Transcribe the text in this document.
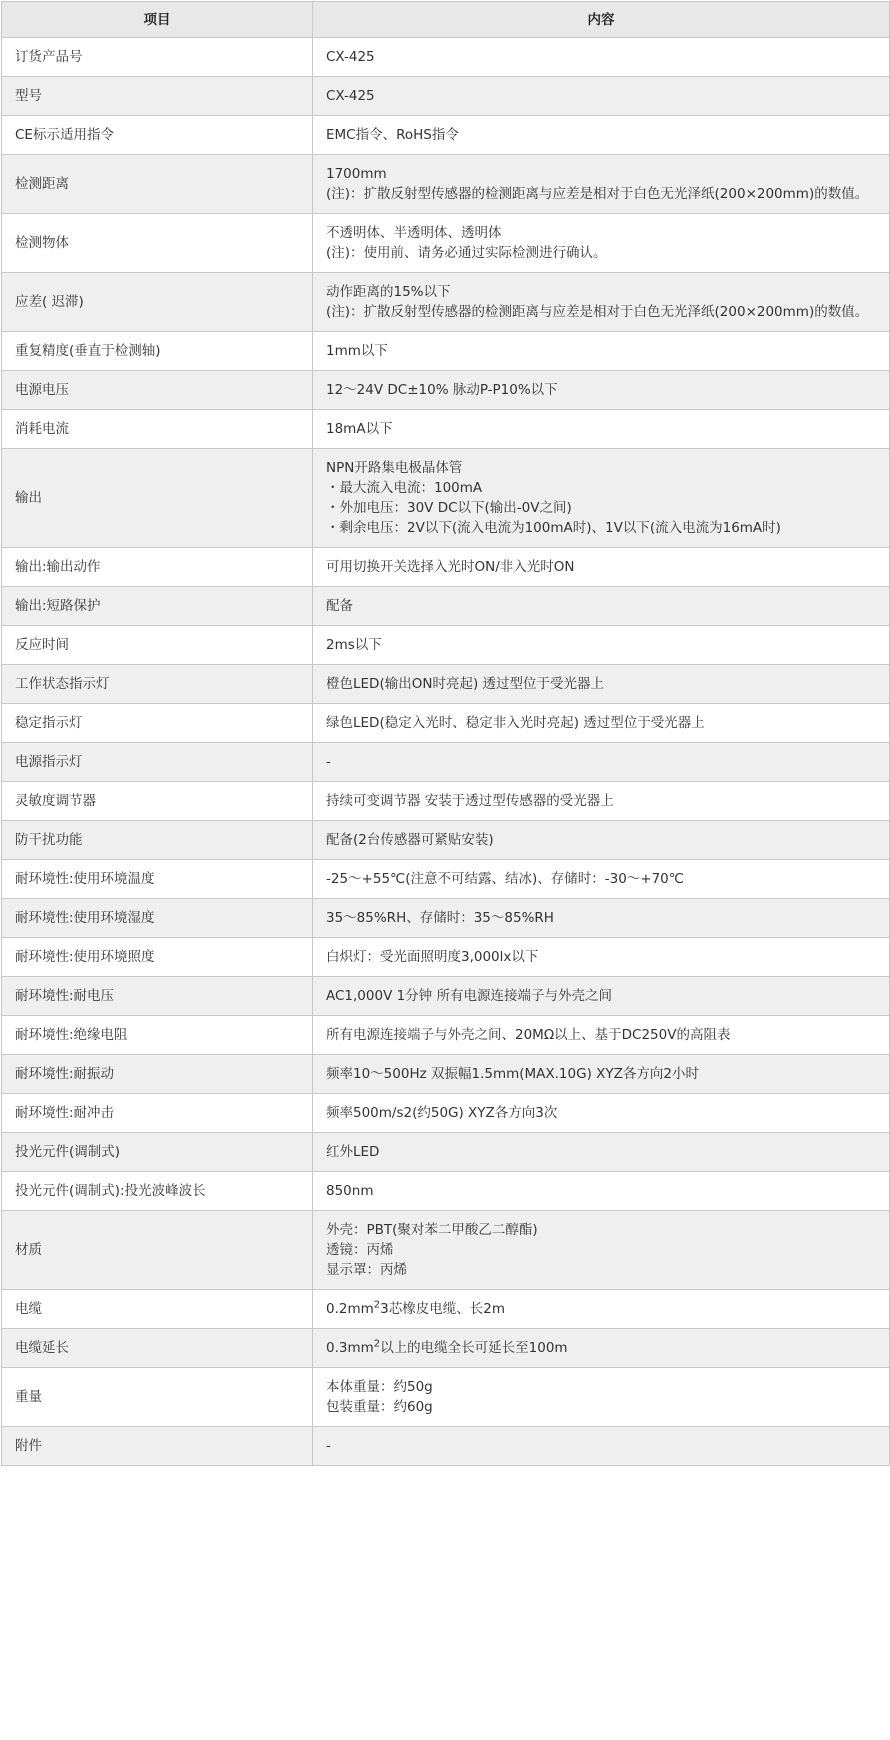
项目	内容
订货产品号	CX-425

型号	CX-425

CE标示适用指令	EMC指令、RoHS指令

检测距离	1700mm
(注)：扩散反射型传感器的检测距离与应差是相对于白色无光泽纸(200×200mm)的数值。

检测物体	不透明体、半透明体、透明体
(注)：使用前、请务必通过实际检测进行确认。

应差( 迟滞)	动作距离的15%以下
(注)：扩散反射型传感器的检测距离与应差是相对于白色无光泽纸(200×200mm)的数值。

重复精度(垂直于检测轴)	1mm以下

电源电压	12～24V DC±10% 脉动P-P10%以下

消耗电流	18mA以下

输出	NPN开路集电极晶体管
・最大流入电流：100mA
・外加电压：30V DC以下(输出-0V之间)
・剩余电压：2V以下(流入电流为100mA时)、1V以下(流入电流为16mA时)

输出:输出动作	可用切换开关选择入光时ON/非入光时ON

输出:短路保护	配备

反应时间	2ms以下

工作状态指示灯	橙色LED(输出ON时亮起) 透过型位于受光器上

稳定指示灯	绿色LED(稳定入光时、稳定非入光时亮起) 透过型位于受光器上

电源指示灯	-

灵敏度调节器	持续可变调节器 安装于透过型传感器的受光器上

防干扰功能	配备(2台传感器可紧贴安装)

耐环境性:使用环境温度	-25～+55℃(注意不可结露、结冰)、存储时：-30～+70℃

耐环境性:使用环境湿度	35～85%RH、存储时：35～85%RH

耐环境性:使用环境照度	白炽灯：受光面照明度3,000lx以下

耐环境性:耐电压	AC1,000V 1分钟 所有电源连接端子与外壳之间

耐环境性:绝缘电阻	所有电源连接端子与外壳之间、20MΩ以上、基于DC250V的高阻表

耐环境性:耐振动	频率10～500Hz 双振幅1.5mm(MAX.10G) XYZ各方向2小时

耐环境性:耐冲击	频率500m/s2(约50G) XYZ各方向3次

投光元件(调制式)	红外LED

投光元件(调制式):投光波峰波长	850nm

材质	外壳：PBT(聚对苯二甲酸乙二醇酯)
透镜：丙烯
显示罩：丙烯

电缆	$0.2mm^23$芯橡皮电缆、长2m

电缆延长	$0.3mm^2$以上的电缆全长可延长至100m

重量	本体重量：约50g
包装重量：约60g

附件	-
